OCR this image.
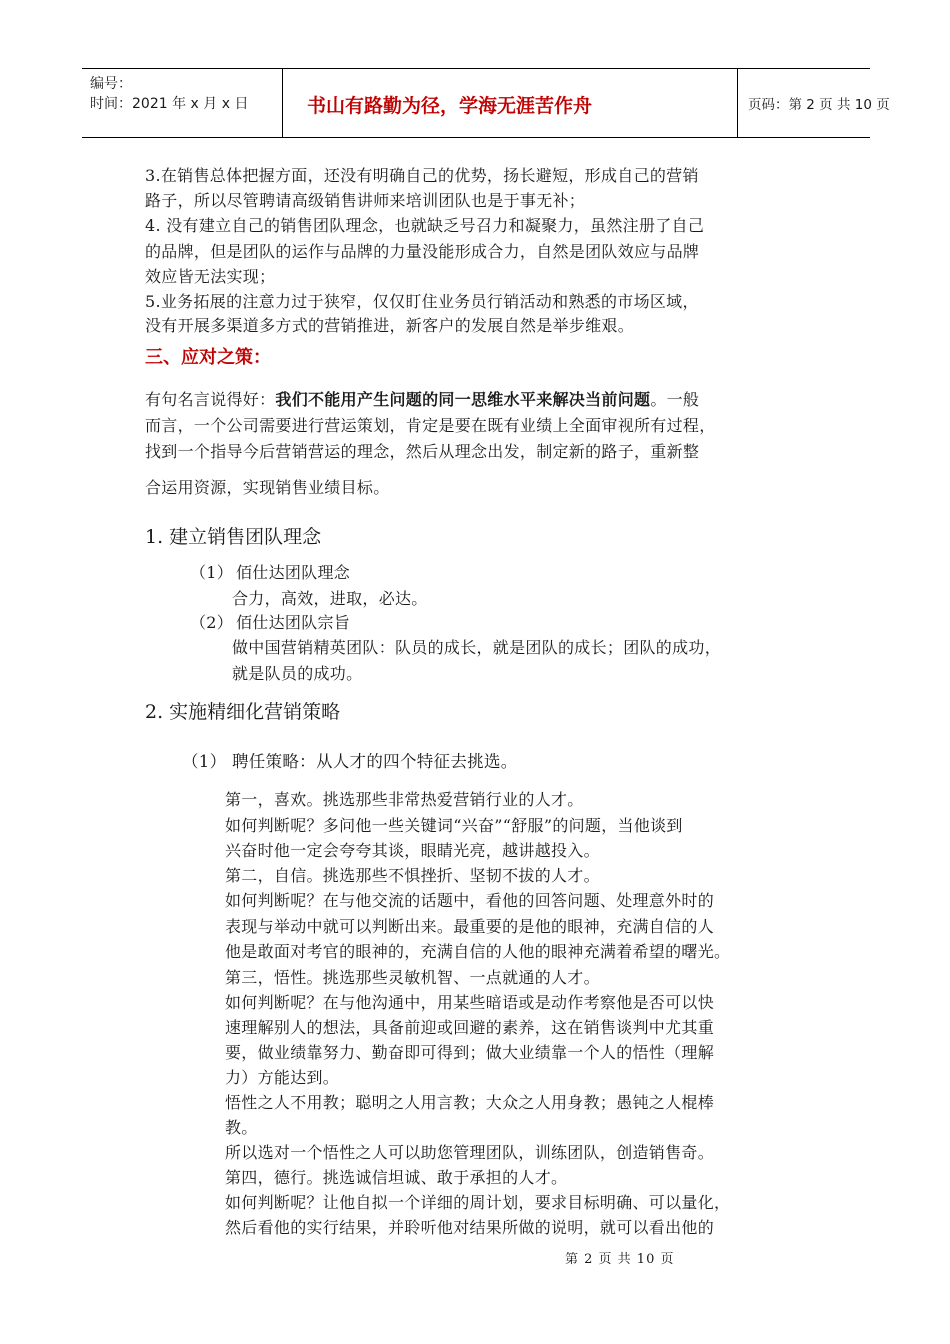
编号：
时间：2021 年 x 月 x 日	书山有路勤为径，学海无涯苦作舟	页码：第 2 页 共 10 页
3.在销售总体把握方面，还没有明确自己的优势，扬长避短，形成自己的营销
路子，所以尽管聘请高级销售讲师来培训团队也是于事无补；
4. 没有建立自己的销售团队理念，也就缺乏号召力和凝聚力，虽然注册了自己
的品牌，但是团队的运作与品牌的力量没能形成合力，自然是团队效应与品牌
效应皆无法实现；
5.业务拓展的注意力过于狭窄，仅仅盯住业务员行销活动和熟悉的市场区域，
没有开展多渠道多方式的营销推进，新客户的发展自然是举步维艰。
三、应对之策：
有句名言说得好：我们不能用产生问题的同一思维水平来解决当前问题。一般
而言，一个公司需要进行营运策划，肯定是要在既有业绩上全面审视所有过程，
找到一个指导今后营销营运的理念，然后从理念出发，制定新的路子，重新整
合运用资源，实现销售业绩目标。
1. 建立销售团队理念
（1） 佰仕达团队理念
合力，高效，进取，必达。
（2） 佰仕达团队宗旨
做中国营销精英团队：队员的成长，就是团队的成长；团队的成功，
就是队员的成功。
2. 实施精细化营销策略
（1） 聘任策略：从人才的四个特征去挑选。
第一，喜欢。挑选那些非常热爱营销行业的人才。
如何判断呢？多问他一些关键词“兴奋”“舒服”的问题，当他谈到
兴奋时他一定会夸夸其谈，眼睛光亮，越讲越投入。
第二，自信。挑选那些不惧挫折、坚韧不拔的人才。
如何判断呢？在与他交流的话题中，看他的回答问题、处理意外时的
表现与举动中就可以判断出来。最重要的是他的眼神，充满自信的人
他是敢面对考官的眼神的，充满自信的人他的眼神充满着希望的曙光。
第三，悟性。挑选那些灵敏机智、一点就通的人才。
如何判断呢？在与他沟通中，用某些暗语或是动作考察他是否可以快
速理解别人的想法，具备前迎或回避的素养，这在销售谈判中尤其重
要，做业绩靠努力、勤奋即可得到；做大业绩靠一个人的悟性（理解
力）方能达到。
悟性之人不用教；聪明之人用言教；大众之人用身教；愚钝之人棍棒
教。
所以选对一个悟性之人可以助您管理团队，训练团队，创造销售奇。
第四，德行。挑选诚信坦诚、敢于承担的人才。
如何判断呢？让他自拟一个详细的周计划，要求目标明确、可以量化，
然后看他的实行结果，并聆听他对结果所做的说明，就可以看出他的
第 2 页 共 10 页
